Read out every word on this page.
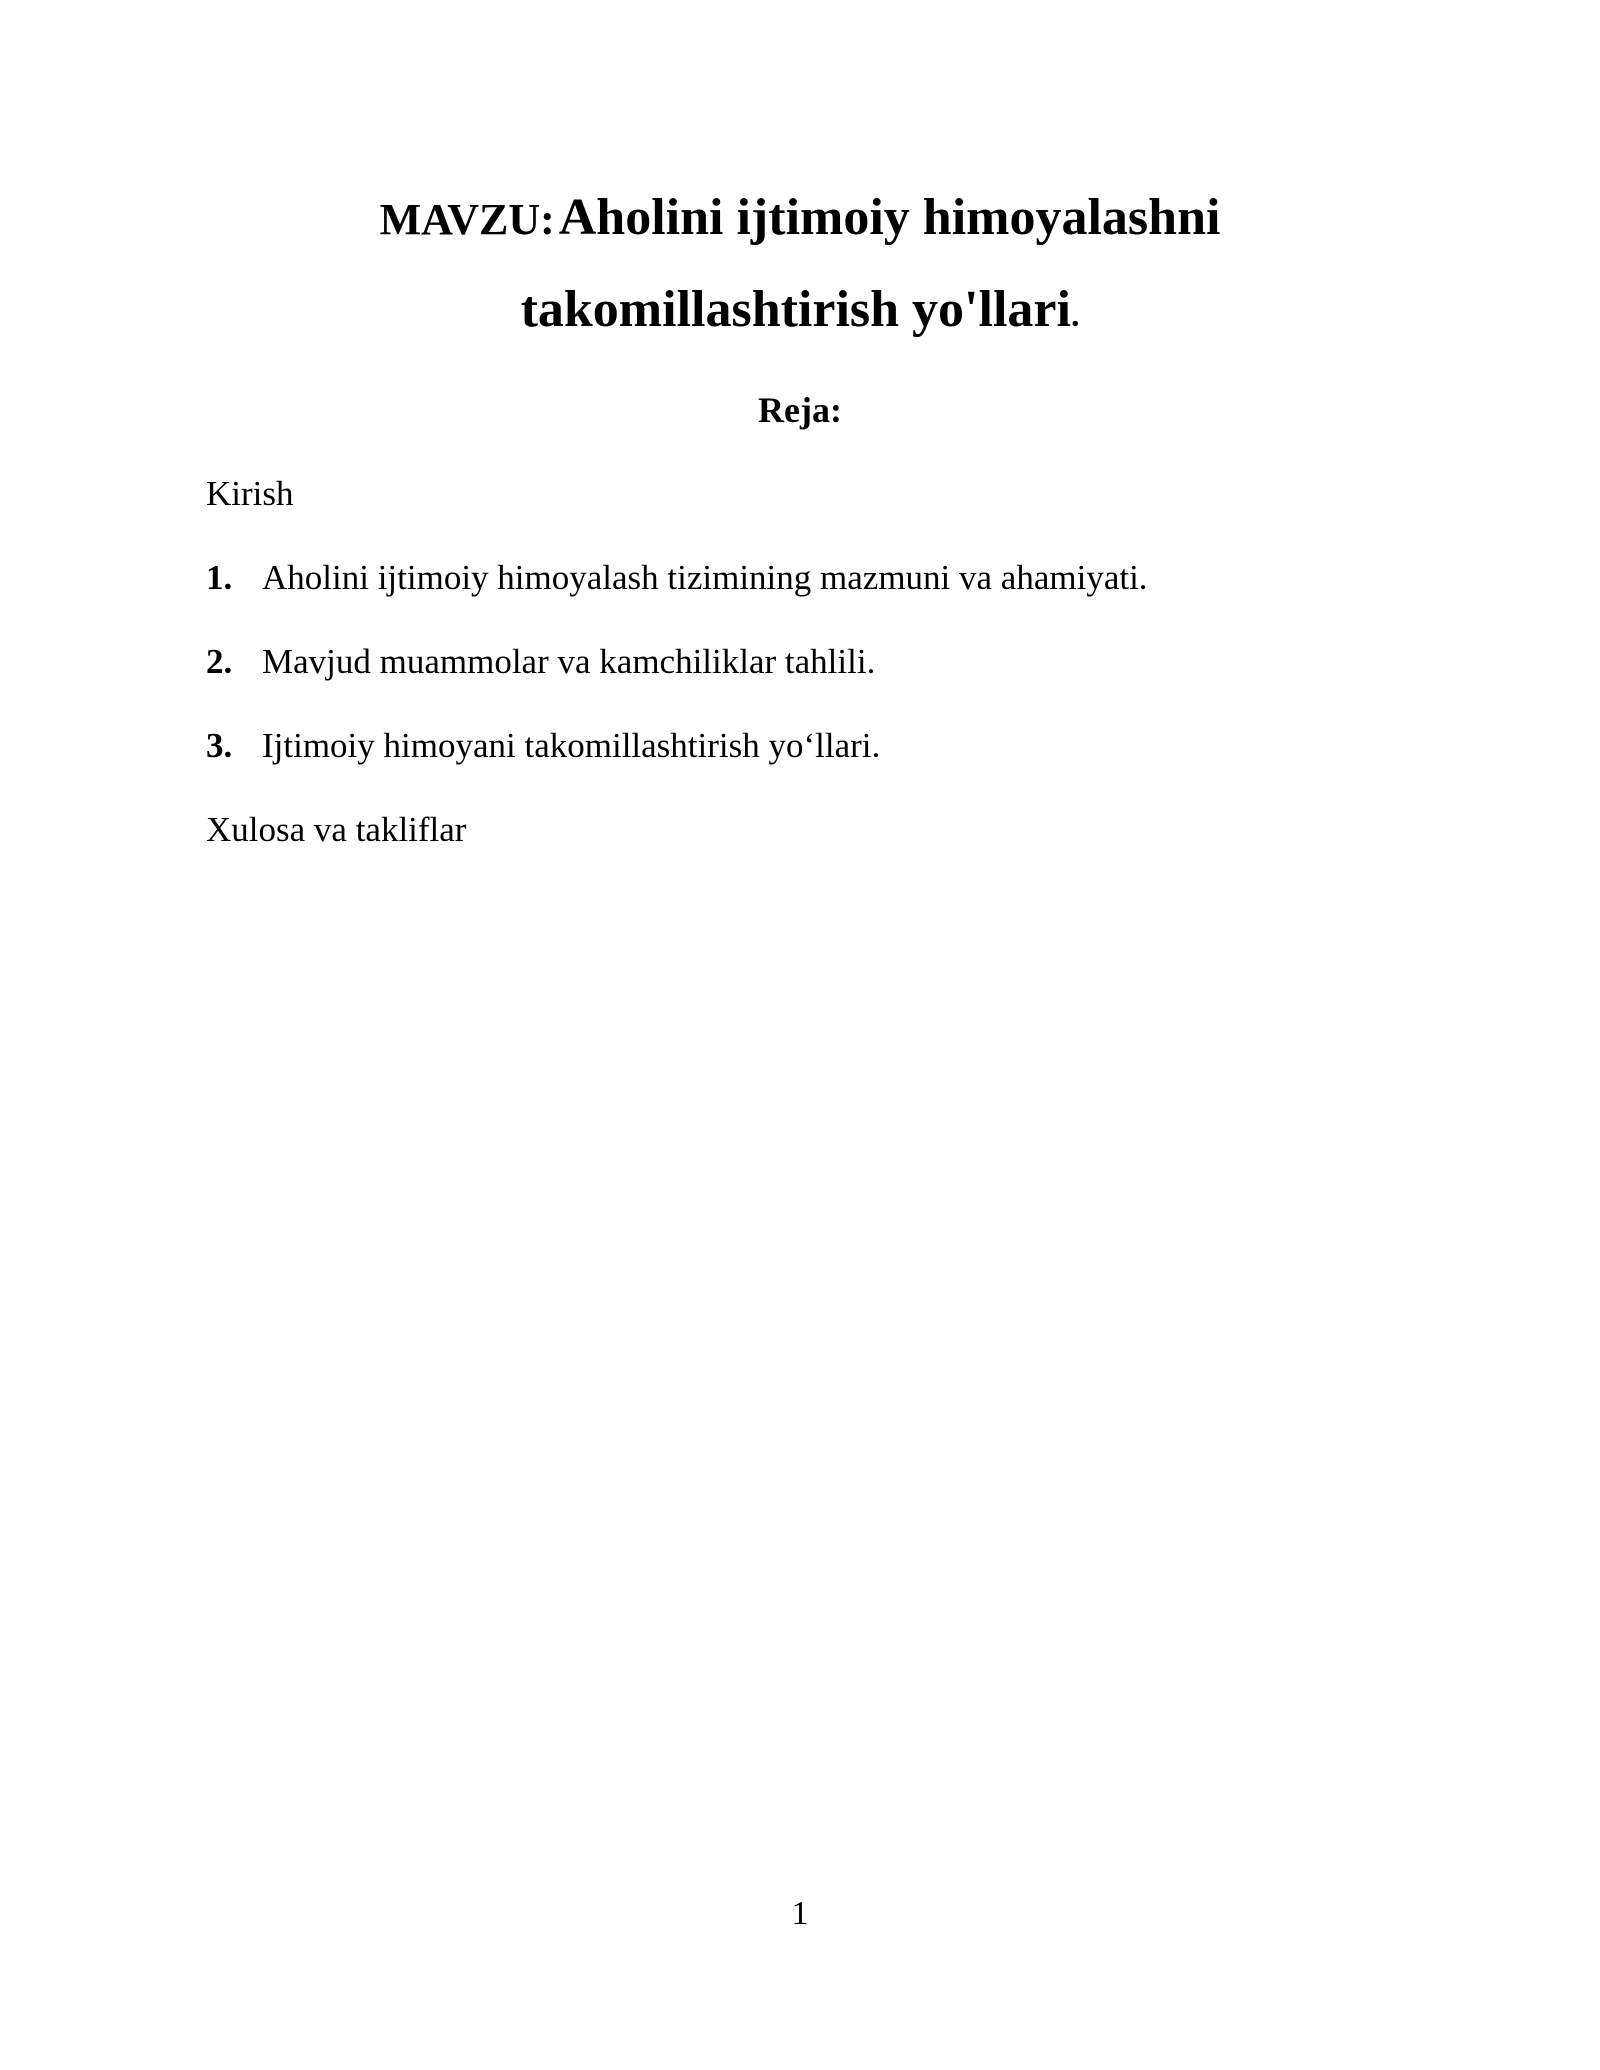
MAVZU: Aholini ijtimoiy himoyalashni
takomillashtirish yo'llari.
Reja:
Kirish
1. Aholini ijtimoiy himoyalash tizimining mazmuni va ahamiyati.
2. Mavjud muammolar va kamchiliklar tahlili.
3. Ijtimoiy himoyani takomillashtirish yo‘llari.
Xulosa va takliflar
1
